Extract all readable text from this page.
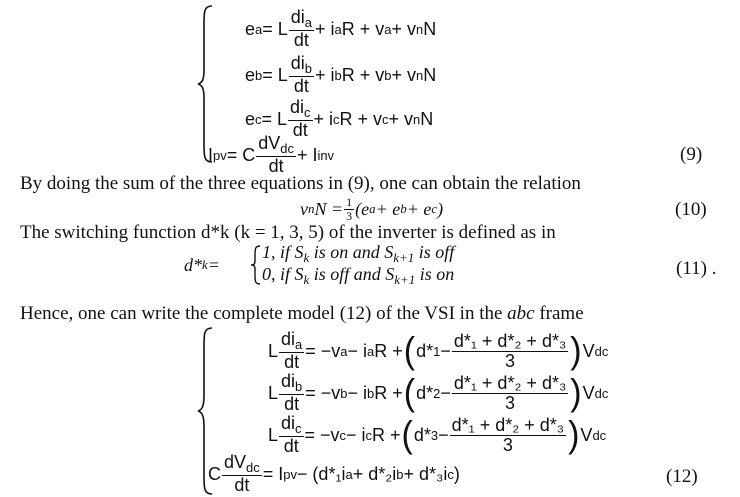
e a = L $\frac{di_a}{dt} + i$ a R + v a + v n N
e b = L $\frac{di_b}{dt} + i$ b R + v b + v n N
e c = L $\frac{di_c}{dt} + i$ c R + v c + v n N
I pv = C $\frac{dV_{dc}}{dt} + I$ inv	(9)
By doing the sum of the three equations in (9), one can obtain the relation
v n $N = \frac{1}{3} (e$ a + e b + e c )	(10)
The switching function d*k (k = 1, 3, 5) of the inverter is defined as in
d* k =
1, if $S_k$ is on and $S_{k+1}$ is off
0, if $S_k$ is off and $S_{k+1}$ is on	(11) .
Hence, one can write the complete model (12) of the VSI in the abc frame
L $\frac{di_a}{dt} = -v$ a − i a R + ( d* $1 - \frac{\text{d*₁ + d*₂ + d*₃}}{3}$ ) V dc
L $\frac{di_b}{dt} = -v$ b − i b R + ( d* $2 - \frac{\text{d*₁ + d*₂ + d*₃}}{3}$ ) V dc
L $\frac{di_c}{dt} = -v$ c − i c R + ( d* $3 - \frac{\text{d*₁ + d*₂ + d*₃}}{3}$ ) V dc
C $\frac{dV_{dc}}{dt} = I$ pv − (d*₁i a + d*₂i b + d*₃i c )	(12)
